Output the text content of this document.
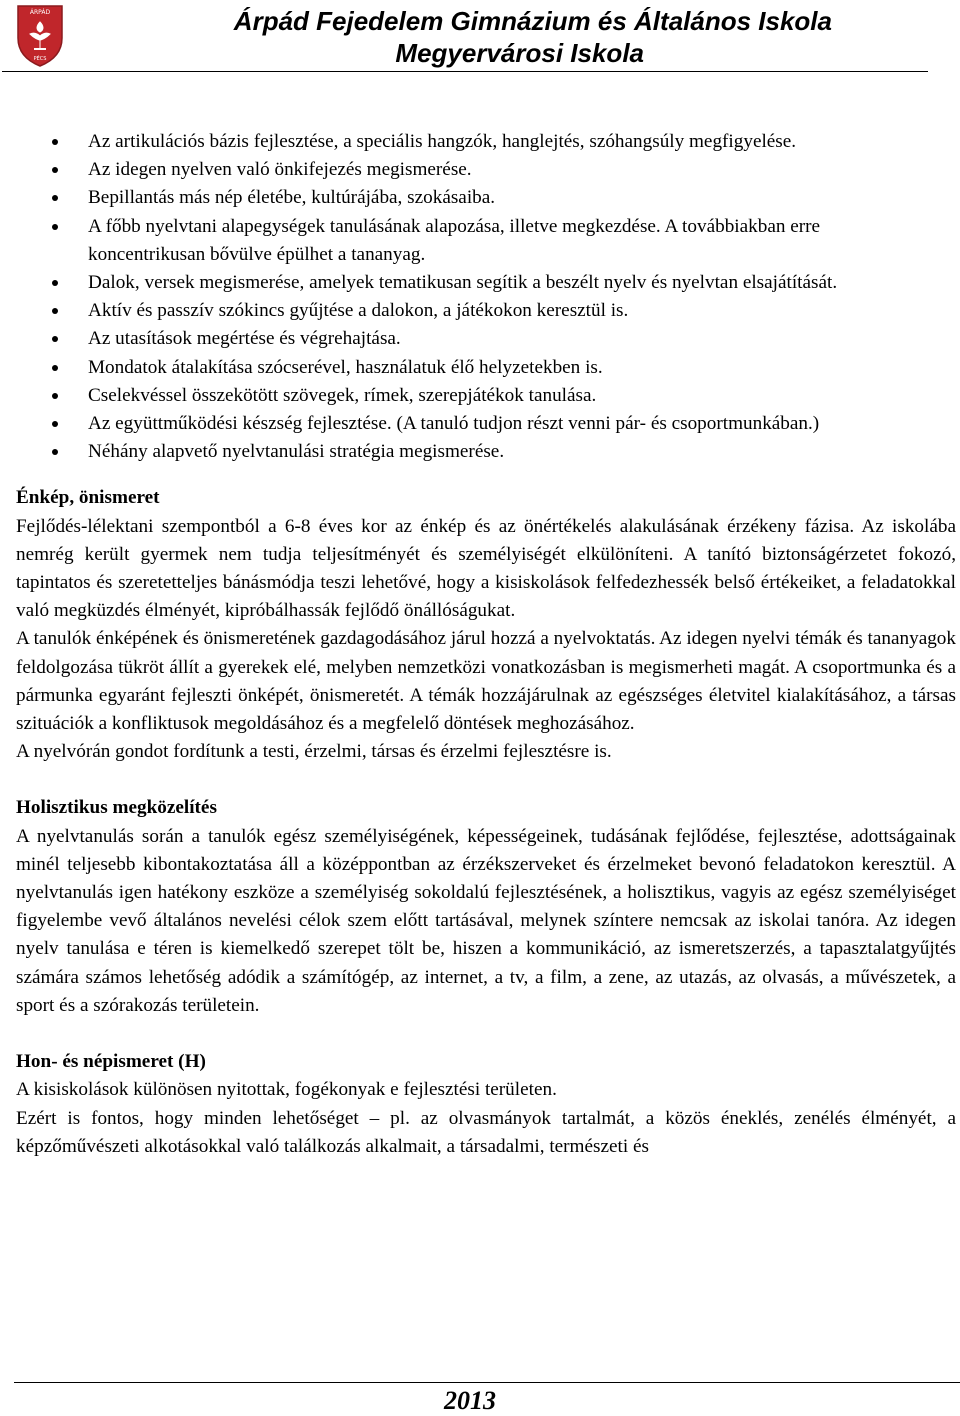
ÁRPÁD
PÉCS
Árpád Fejedelem Gimnázium és Általános Iskola
Megyervárosi Iskola
Az artikulációs bázis fejlesztése, a speciális hangzók, hanglejtés, szóhangsúly megfigyelése.
Az idegen nyelven való önkifejezés megismerése.
Bepillantás más nép életébe, kultúrájába, szokásaiba.
A főbb nyelvtani alapegységek tanulásának alapozása, illetve megkezdése. A továbbiakban erre koncentrikusan bővülve épülhet a tananyag.
Dalok, versek megismerése, amelyek tematikusan segítik a beszélt nyelv és nyelvtan elsajátítását.
Aktív és passzív szókincs gyűjtése a dalokon, a játékokon keresztül is.
Az utasítások megértése és végrehajtása.
Mondatok átalakítása szócserével, használatuk élő helyzetekben is.
Cselekvéssel összekötött szövegek, rímek, szerepjátékok tanulása.
Az együttműködési készség fejlesztése. (A tanuló tudjon részt venni pár- és csoportmunkában.)
Néhány alapvető nyelvtanulási stratégia megismerése.
Énkép, önismeret

Fejlődés-lélektani szempontból a 6-8 éves kor az énkép és az önértékelés alakulásának érzékeny fázisa. Az iskolába nemrég került gyermek nem tudja teljesítményét és személyiségét elkülöníteni. A tanító biztonságérzetet fokozó, tapintatos és szeretetteljes bánásmódja teszi lehetővé, hogy a kisiskolások felfedezhessék belső értékeiket, a feladatokkal való megküzdés élményét, kipróbálhassák fejlődő önállóságukat.

A tanulók énképének és önismeretének gazdagodásához járul hozzá a nyelvoktatás. Az idegen nyelvi témák és tananyagok feldolgozása tükröt állít a gyerekek elé, melyben nemzetközi vonatkozásban is megismerheti magát. A csoportmunka és a pármunka egyaránt fejleszti önképét, önismeretét. A témák hozzájárulnak az egészséges életvitel kialakításához, a társas szituációk a konfliktusok megoldásához és a megfelelő döntések meghozásához.

A nyelvórán gondot fordítunk a testi, érzelmi, társas és érzelmi fejlesztésre is.

Holisztikus megközelítés

A nyelvtanulás során a tanulók egész személyiségének, képességeinek, tudásának fejlődése, fejlesztése, adottságainak minél teljesebb kibontakoztatása áll a középpontban az érzékszerveket és érzelmeket bevonó feladatokon keresztül. A nyelvtanulás igen hatékony eszköze a személyiség sokoldalú fejlesztésének, a holisztikus, vagyis az egész személyiséget figyelembe vevő általános nevelési célok szem előtt tartásával, melynek színtere nemcsak az iskolai tanóra. Az idegen nyelv tanulása e téren is kiemelkedő szerepet tölt be, hiszen a kommunikáció, az ismeretszerzés, a tapasztalatgyűjtés számára számos lehetőség adódik a számítógép, az internet, a tv, a film, a zene, az utazás, az olvasás, a művészetek, a sport és a szórakozás területein.

Hon- és népismeret (H)

A kisiskolások különösen nyitottak, fogékonyak e fejlesztési területen.

Ezért is fontos, hogy minden lehetőséget – pl. az olvasmányok tartalmát, a közös éneklés, zenélés élményét, a képzőművészeti alkotásokkal való találkozás alkalmait, a társadalmi, természeti és

2013
